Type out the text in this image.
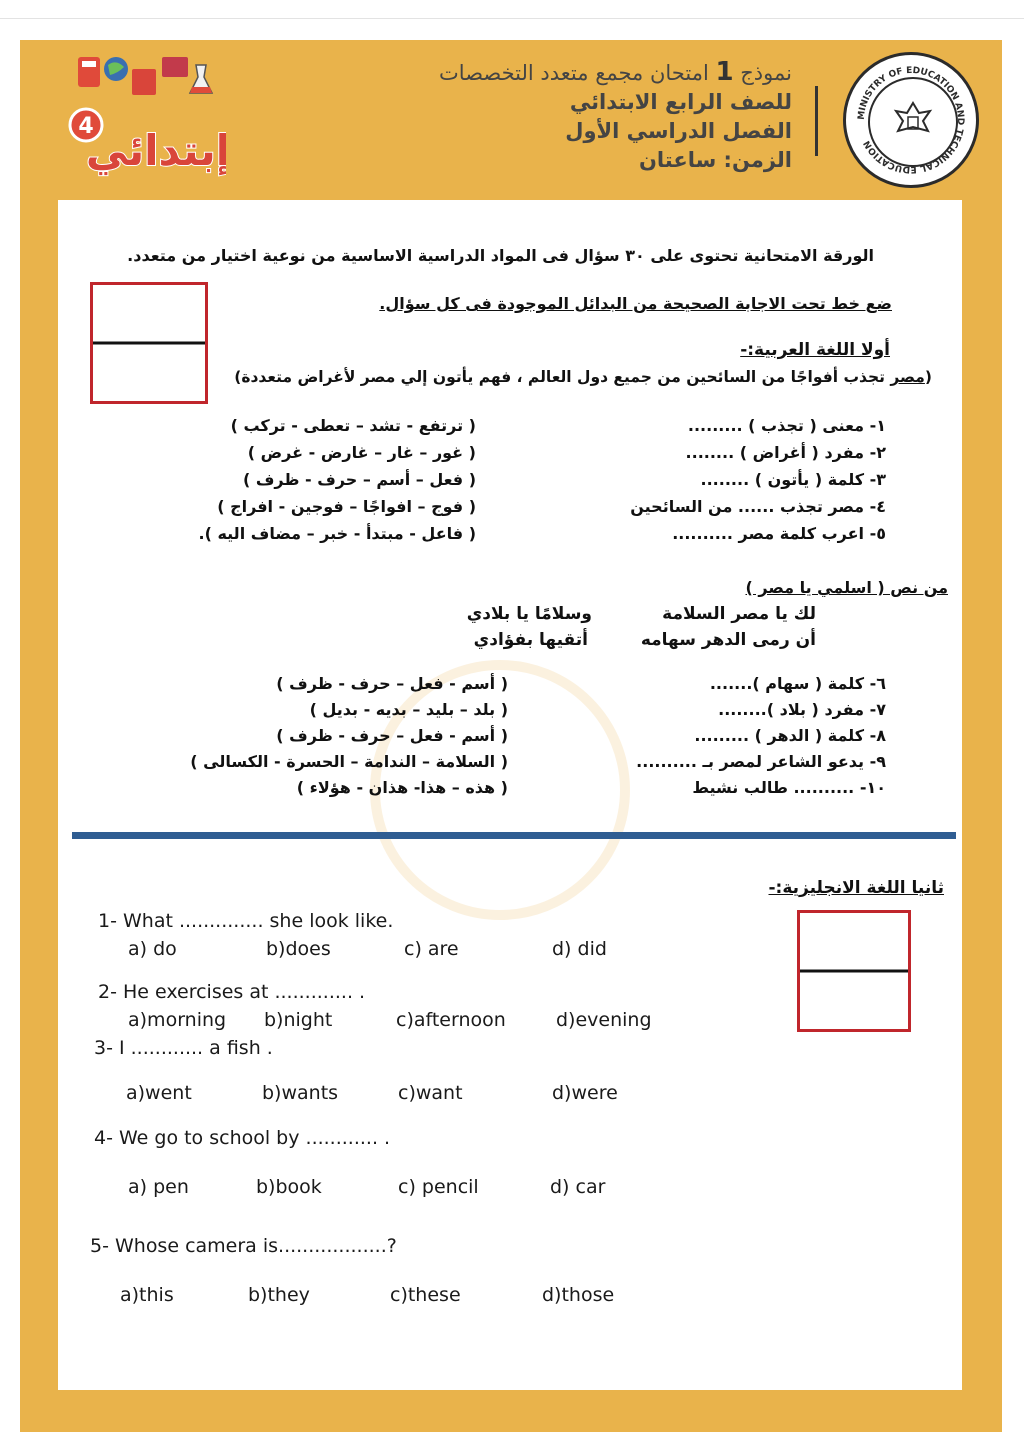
MINISTRY OF EDUCATION AND TECHNICAL EDUCATION
نموذج 1 امتحان مجمع متعدد التخصصات
للصف الرابع الابتدائي
الفصل الدراسي الأول
الزمن: ساعتان
4
إبتدائي
الورقة الامتحانية تحتوى على ٣٠ سؤال فى المواد الدراسية الاساسية من نوعية اختيار من متعدد.
ضع خط تحت الاجابة الصحيحة من البدائل الموجودة فى كل سؤال.
أولا اللغة العربية:-
(مصر تجذب أفواجًا من السائحين من جميع دول العالم ، فهم يأتون إلي مصر لأغراض متعددة)
١- معنى ( تجذب ) .........
( ترتفع - تشد – تعطى - تركب )
٢- مفرد ( أغراض ) ........
( غور – غار – غارض - غرض )
٣- كلمة ( يأتون ) ........
( فعل – أسم – حرف - ظرف )
٤- مصر تجذب ...... من السائحين
( فوج – افواجًا – فوجين - افراج )
٥- اعرب كلمة مصر ..........
( فاعل - مبتدأ - خبر – مضاف اليه ).
من نص ( اسلمي يا مصر )
لك يا مصر السلامة
وسلامًا يا بلادي
أن رمى الدهر سهامه
أتقيها بفؤادي
٦- كلمة ( سهام ).......
( أسم - فعل – حرف - ظرف )
٧- مفرد ( بلاد )........
( بلد – بليد – بديه - بديل )
٨- كلمة ( الدهر ) .........
( أسم - فعل – حرف - ظرف )
٩- يدعو الشاعر لمصر بـ ..........
( السلامة – الندامة – الحسرة - الكسالى )
١٠- .......... طالب نشيط
( هذه – هذا- هذان - هؤلاء )
ثانيا اللغة الانجليزية:-
1- What .............. she look like.
a) do	b)does	c) are	d) did
2- He exercises at ............. .
a)morning b)night	c)afternoon	d)evening
3- I ............ a fish .
a)went	b)wants	c)want	d)were
4- We go to school by ............ .
a) pen	b)book	c) pencil	d) car
5- Whose camera is..................?
a)this	b)they	c)these	d)those
